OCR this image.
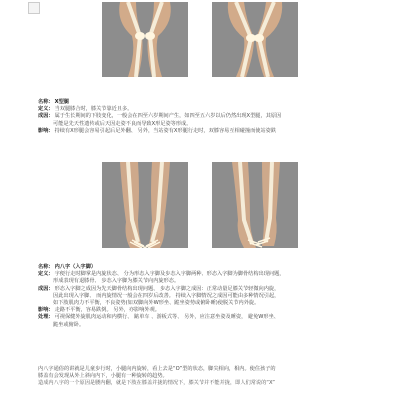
名称： X型腿
定义： 当双腿膝合时，膝关节靠近且多。
成因： 属于生长期间的下肢变化，一般会在四至六岁期间产生，如四至五六岁以后仍然出现X型腿，其原因
可能是先天性遗传或后天因走姿不良而导致X形足姿等形成。
影响： 持续有X形腿会容易引起后足外翻、 另外，当站姿有X形腿行走时，双膝容易互相碰撞而使站姿跌
名称： 内八字（入字脚）
定义： 字便行走时脚掌是内旋状态、 分为形态入字脚及步态入字脚两种、形态入字脚为脚骨结构出现问题，
形成表现有退膝骨、 步态入字脚为膝关节向内旋形态。
成因： 形态入字脚之成因为先天脚骨结构出现问题、 步态入字脚之成因：正常动量足膝关节轻微向内旋，
因此出现入字脚、 而内旋情况一般会在四岁后改善。 持续入字脚情况之成因可能由多种情况引起，
如下肢肌肉力不平衡，不良姿势(如双脚向外W形坐、跪坐姿势或俯卧睡)使脱关节内外旋。
影响： 走路不平衡，容易跌倒。 另外，亦影响外观。
处理： 可视保健外旋肌肉运动和内横行、 踮单车 、游板式等、 另外，应注意坐姿及睡姿， 避免W形坐、
跪坐或俯卧。
内八字通俗的讲就是儿童步行时，小腿向内旋转，看上去是“O”型的状态，脚尖相向，相内。使住孩子的
膝盖有会发现从外上斜向内下，小腿有一种旋转的趋势。
造成内八字的一个原因是腰内翻，就是下肢在膝盖并拢的情况下，膝关节并不能并拢，即人们常说的“X”
